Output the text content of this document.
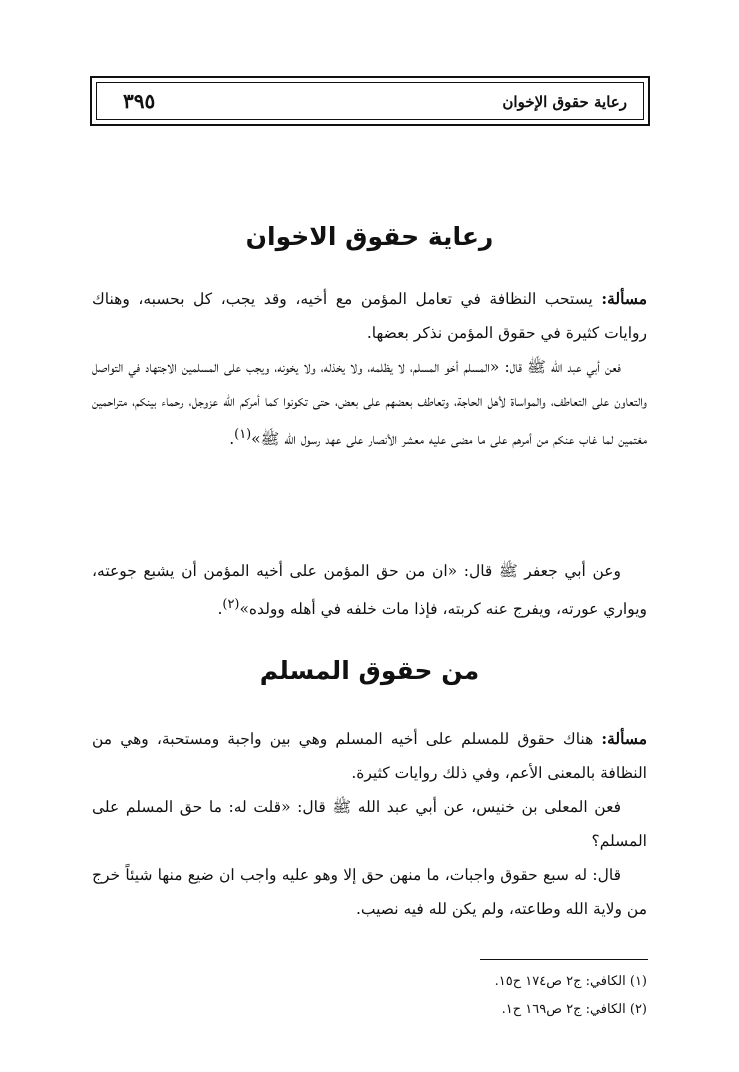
رعاية حقوق الإخوان
٣٩٥
رعاية حقوق الاخوان
مسألة: يستحب النظافة في تعامل المؤمن مع أخيه، وقد يجب، كل بحسبه، وهناك روايات كثيرة في حقوق المؤمن نذكر بعضها.
فعن أبي عبد الله ﷺ قال: «المسلم أخو المسلم، لا يظلمه، ولا يخذله، ولا يخونه، ويجب على المسلمين الاجتهاد في التواصل والتعاون على التعاطف، والمواساة لأهل الحاجة، وتعاطف بعضهم على بعض، حتى تكونوا كما أمركم الله عزوجل، رحماء بينكم، متراحمين مغتمين لما غاب عنكم من أمرهم على ما مضى عليه معشر الأنصار على عهد رسول الله ﷺ»$^{(١)}$.
وعن أبي جعفر ﷺ قال: «ان من حق المؤمن على أخيه المؤمن أن يشبع جوعته، ويواري عورته، ويفرج عنه كربته، فإذا مات خلفه في أهله وولده»$^{(٢)}$.
من حقوق المسلم
مسألة: هناك حقوق للمسلم على أخيه المسلم وهي بين واجبة ومستحبة، وهي من النظافة بالمعنى الأعم، وفي ذلك روايات كثيرة.
فعن المعلى بن خنيس، عن أبي عبد الله ﷺ قال: «قلت له: ما حق المسلم على المسلم؟
قال: له سبع حقوق واجبات، ما منهن حق إلا وهو عليه واجب ان ضيع منها شيئاً خرج من ولاية الله وطاعته، ولم يكن لله فيه نصيب.
(١) الكافي: ج٢ ص١٧٤ ح١٥.
(٢) الكافي: ج٢ ص١٦٩ ح١.
